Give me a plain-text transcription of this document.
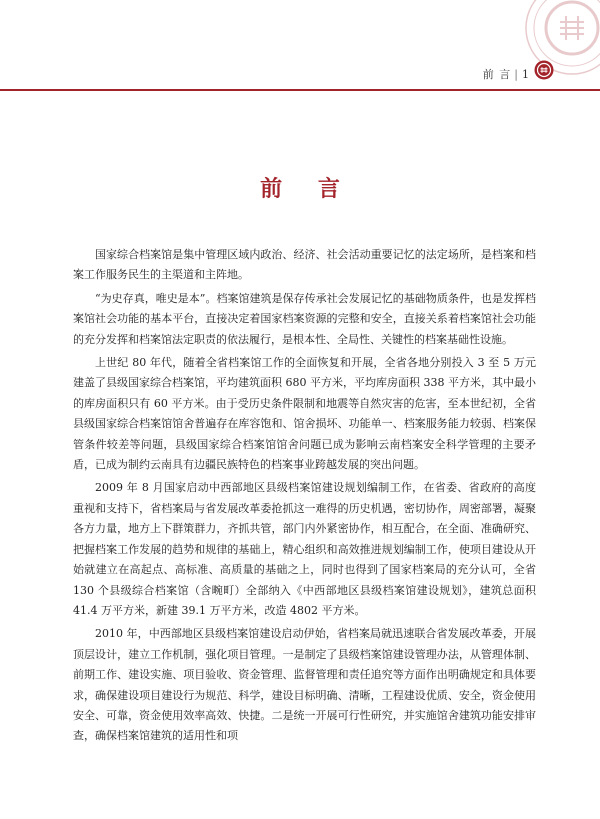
前 言 | 1
前 言

国家综合档案馆是集中管理区域内政治、经济、社会活动重要记忆的法定场所，是档案和档案工作服务民生的主渠道和主阵地。

“为史存真，唯史是本”。档案馆建筑是保存传承社会发展记忆的基础物质条件，也是发挥档案馆社会功能的基本平台，直接决定着国家档案资源的完整和安全，直接关系着档案馆社会功能的充分发挥和档案馆法定职责的依法履行，是根本性、全局性、关键性的档案基础性设施。

上世纪 80 年代，随着全省档案馆工作的全面恢复和开展，全省各地分别投入 3 至 5 万元建盖了县级国家综合档案馆，平均建筑面积 680 平方米，平均库房面积 338 平方米，其中最小的库房面积只有 60 平方米。由于受历史条件限制和地震等自然灾害的危害，至本世纪初，全省县级国家综合档案馆馆舍普遍存在库容饱和、馆舍损坏、功能单一、档案服务能力较弱、档案保管条件较差等问题，县级国家综合档案馆馆舍问题已成为影响云南档案安全科学管理的主要矛盾，已成为制约云南具有边疆民族特色的档案事业跨越发展的突出问题。

2009 年 8 月国家启动中西部地区县级档案馆建设规划编制工作，在省委、省政府的高度重视和支持下，省档案局与省发展改革委抢抓这一难得的历史机遇，密切协作，周密部署，凝聚各方力量，地方上下群策群力，齐抓共管，部门内外紧密协作，相互配合，在全面、准确研究、把握档案工作发展的趋势和规律的基础上，精心组织和高效推进规划编制工作，使项目建设从开始就建立在高起点、高标准、高质量的基础之上，同时也得到了国家档案局的充分认可，全省 130 个县级综合档案馆（含畹町）全部纳入《中西部地区县级档案馆建设规划》，建筑总面积 41.4 万平方米，新建 39.1 万平方米，改造 4802 平方米。

2010 年，中西部地区县级档案馆建设启动伊始，省档案局就迅速联合省发展改革委，开展顶层设计，建立工作机制，强化项目管理。一是制定了县级档案馆建设管理办法，从管理体制、前期工作、建设实施、项目验收、资金管理、监督管理和责任追究等方面作出明确规定和具体要求，确保建设项目建设行为规范、科学，建设目标明确、清晰，工程建设优质、安全，资金使用安全、可靠，资金使用效率高效、快捷。二是统一开展可行性研究，并实施馆舍建筑功能安排审查，确保档案馆建筑的适用性和项
